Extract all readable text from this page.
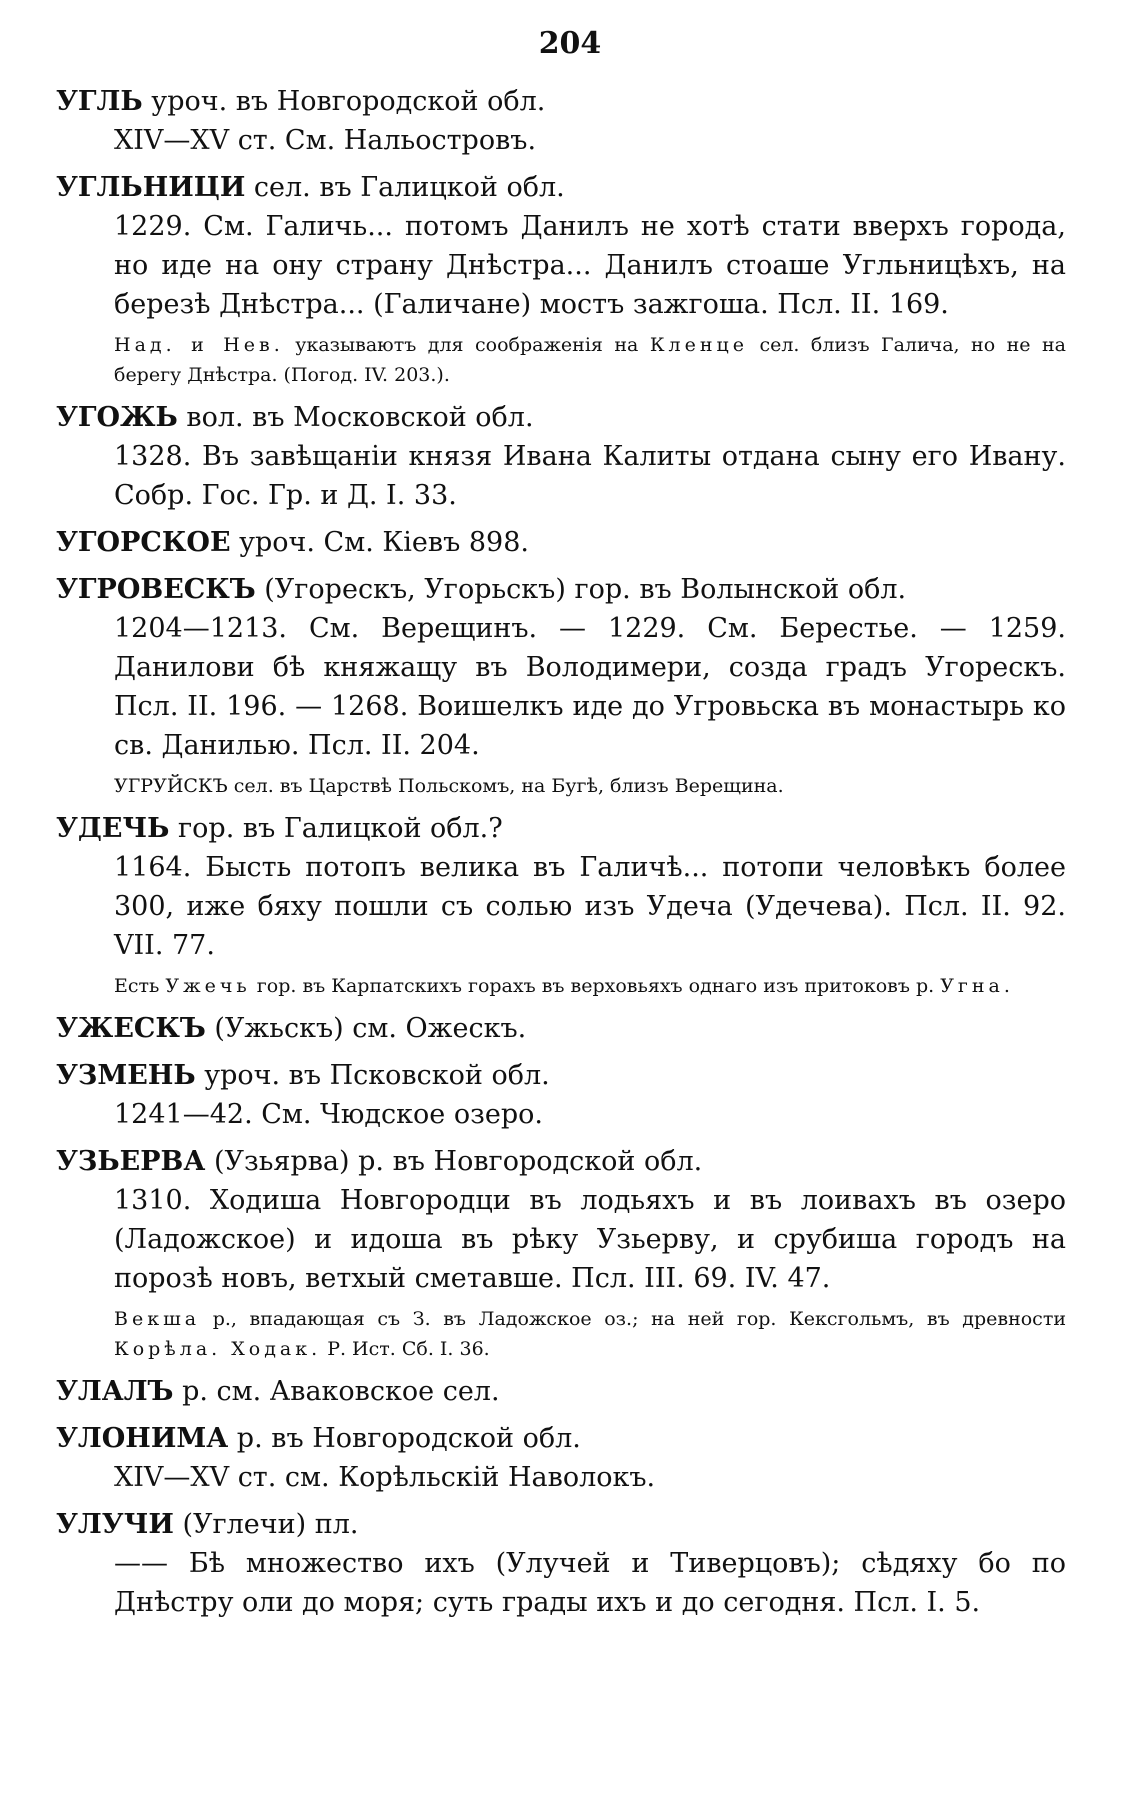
204
УГЛЬ уроч. въ Новгородской обл.
XIV—XV ст. См. Нальостровъ.
УГЛЬНИЦИ сел. въ Галицкой обл.
1229. См. Галичь... потомъ Данилъ не хотѣ стати вверхъ города, но иде на ону страну Днѣстра... Данилъ стоаше Угльницѣхъ, на березѣ Днѣстра... (Галичане) мостъ зажгоша. Псл. II. 169.
Над. и Нев. указываютъ для соображенія на Кленце сел. близъ Галича, но не на берегу Днѣстра. (Погод. IV. 203.).
УГОЖЬ вол. въ Московской обл.
1328. Въ завѣщаніи князя Ивана Калиты отдана сыну его Ивану. Собр. Гос. Гр. и Д. I. 33.
УГОРСКОЕ уроч. См. Кіевъ 898.
УГРОВЕСКЪ (Угорескъ, Угорьскъ) гор. въ Волынской обл.
1204—1213. См. Верещинъ. — 1229. См. Берестье. — 1259. Данилови бѣ княжащу въ Володимери, созда градъ Угорескъ. Псл. II. 196. — 1268. Воишелкъ иде до Угровьска въ монастырь ко св. Данилью. Псл. II. 204.
УГРУЙСКЪ сел. въ Царствѣ Польскомъ, на Бугѣ, близъ Верещина.
УДЕЧЬ гор. въ Галицкой обл.?
1164. Бысть потопъ велика въ Галичѣ... потопи человѣкъ более 300, иже бяху пошли съ солью изъ Удеча (Удечева). Псл. II. 92. VII. 77.
Есть Ужечь гор. въ Карпатскихъ горахъ въ верховьяхъ однаго изъ притоковъ р. Угна.
УЖЕСКЪ (Ужьскъ) см. Ожескъ.
УЗМЕНЬ уроч. въ Псковской обл.
1241—42. См. Чюдское озеро.
УЗЬЕРВА (Узьярва) р. въ Новгородской обл.
1310. Ходиша Новгородци въ лодьяхъ и въ лоивахъ въ озеро (Ладожское) и идоша въ рѣку Узьерву, и срубиша городъ на порозѣ новъ, ветхый сметавше. Псл. III. 69. IV. 47.
Векша р., впадающая съ З. въ Ладожское оз.; на ней гор. Кексгольмъ, въ древности Корѣла. Ходак. Р. Ист. Сб. I. 36.
УЛАЛЪ р. см. Аваковское сел.
УЛОНИМА р. въ Новгородской обл.
XIV—XV ст. см. Корѣльскій Наволокъ.
УЛУЧИ (Углечи) пл.
—— Бѣ множество ихъ (Улучей и Тиверцовъ); сѣдяху бо по Днѣстру оли до моря; суть грады ихъ и до сегодня. Псл. I. 5.
